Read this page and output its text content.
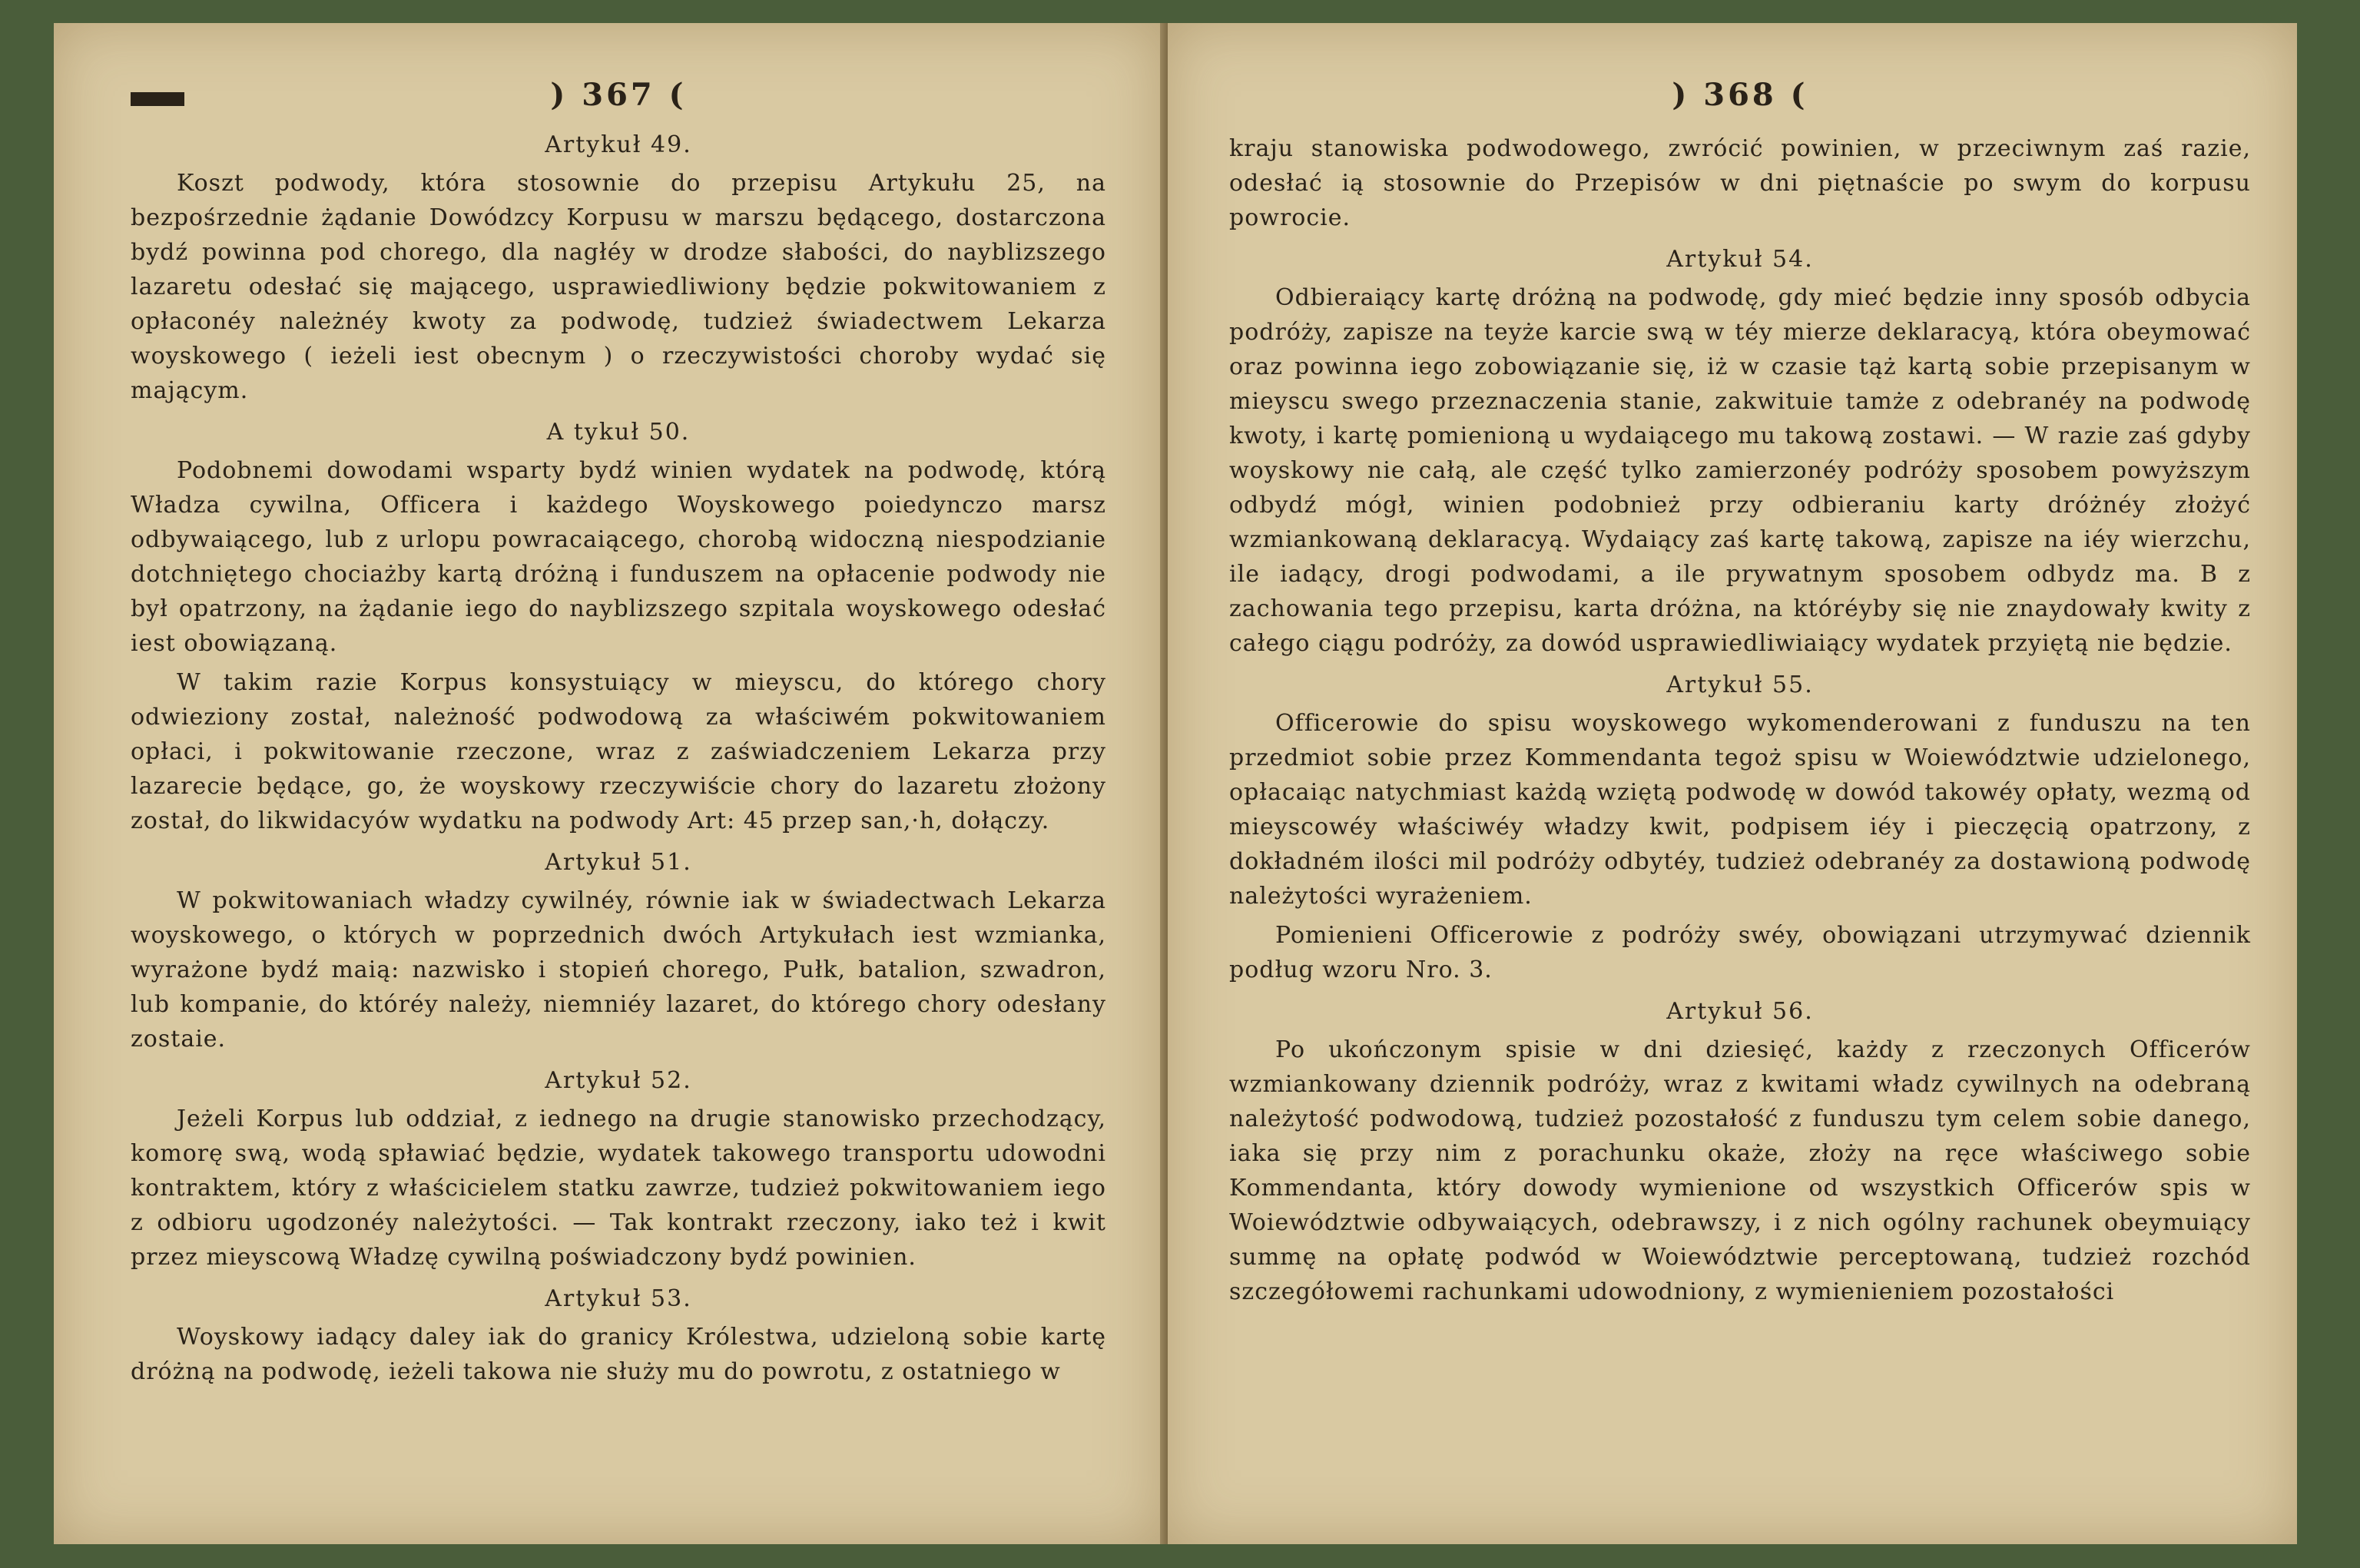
) 367 (
Artykuł 49.
Koszt podwody, która stosownie do przepisu Artykułu 25, na bezpośrzednie żądanie Dowódzcy Korpusu w marszu będącego, dostarczona bydź powinna pod chorego, dla nagłéy w drodze słabości, do nayblizszego lazaretu odesłać się mającego, usprawiedliwiony będzie pokwitowaniem z opłaconéy należnéy kwoty za podwodę, tudzież świadectwem Lekarza woyskowego ( ieżeli iest obecnym ) o rzeczywistości choroby wydać się mającym.
A tykuł 50.
Podobnemi dowodami wsparty bydź winien wydatek na podwodę, którą Władza cywilna, Officera i każdego Woyskowego poiedynczo marsz odbywaiącego, lub z urlopu powracaiącego, chorobą widoczną niespodzianie dotchniętego chociażby kartą dróżną i funduszem na opłacenie podwody nie był opatrzony, na żądanie iego do nayblizszego szpitala woyskowego odesłać iest obowiązaną.
W takim razie Korpus konsystuiący w mieyscu, do którego chory odwieziony został, należność podwodową za właściwém pokwitowaniem opłaci, i pokwitowanie rzeczone, wraz z zaświadczeniem Lekarza przy lazarecie będące, go, że woyskowy rzeczywiście chory do lazaretu złożony został, do likwidacyów wydatku na podwody Art: 45 przep san,·h, dołączy.
Artykuł 51.
W pokwitowaniach władzy cywilnéy, równie iak w świadectwach Lekarza woyskowego, o których w poprzednich dwóch Artykułach iest wzmianka, wyrażone bydź maią: nazwisko i stopień chorego, Pułk, batalion, szwadron, lub kompanie, do któréy należy, niemniéy lazaret, do którego chory odesłany zostaie.
Artykuł 52.
Jeżeli Korpus lub oddział, z iednego na drugie stanowisko przechodzący, komorę swą, wodą spławiać będzie, wydatek takowego transportu udowodni kontraktem, który z właścicielem statku zawrze, tudzież pokwitowaniem iego z odbioru ugodzonéy należytości. — Tak kontrakt rzeczony, iako też i kwit przez mieyscową Władzę cywilną poświadczony bydź powinien.
Artykuł 53.
Woyskowy iadący daley iak do granicy Królestwa, udzieloną sobie kartę dróżną na podwodę, ieżeli takowa nie służy mu do powrotu, z ostatniego w
) 368 (
kraju stanowiska podwodowego, zwrócić powinien, w przeciwnym zaś razie, odesłać ią stosownie do Przepisów w dni piętnaście po swym do korpusu powrocie.
Artykuł 54.
Odbieraiący kartę dróżną na podwodę, gdy mieć będzie inny sposób odbycia podróży, zapisze na teyże karcie swą w téy mierze deklaracyą, która obeymować oraz powinna iego zobowiązanie się, iż w czasie tąż kartą sobie przepisanym w mieyscu swego przeznaczenia stanie, zakwituie tamże z odebranéy na podwodę kwoty, i kartę pomienioną u wydaiącego mu takową zostawi. — W razie zaś gdyby woyskowy nie całą, ale część tylko zamierzonéy podróży sposobem powyższym odbydź mógł, winien podobnież przy odbieraniu karty dróżnéy złożyć wzmiankowaną deklaracyą. Wydaiący zaś kartę takową, zapisze na iéy wierzchu, ile iadący, drogi podwodami, a ile prywatnym sposobem odbydz ma. B z zachowania tego przepisu, karta dróżna, na któréyby się nie znaydowały kwity z całego ciągu podróży, za dowód usprawiedliwiaiący wydatek przyiętą nie będzie.
Artykuł 55.
Officerowie do spisu woyskowego wykomenderowani z funduszu na ten przedmiot sobie przez Kommendanta tegoż spisu w Woiewództwie udzielonego, opłacaiąc natychmiast każdą wziętą podwodę w dowód takowéy opłaty, wezmą od mieyscowéy właściwéy władzy kwit, podpisem iéy i pieczęcią opatrzony, z dokładném ilości mil podróży odbytéy, tudzież odebranéy za dostawioną podwodę należytości wyrażeniem.
Pomienieni Officerowie z podróży swéy, obowiązani utrzymywać dziennik podług wzoru Nro. 3.
Artykuł 56.
Po ukończonym spisie w dni dziesięć, każdy z rzeczonych Officerów wzmiankowany dziennik podróży, wraz z kwitami władz cywilnych na odebraną należytość podwodową, tudzież pozostałość z funduszu tym celem sobie danego, iaka się przy nim z porachunku okaże, złoży na ręce właściwego sobie Kommendanta, który dowody wymienione od wszystkich Officerów spis w Woiewództwie odbywaiących, odebrawszy, i z nich ogólny rachunek obeymuiący summę na opłatę podwód w Woiewództwie perceptowaną, tudzież rozchód szczegółowemi rachunkami udowodniony, z wymienieniem pozostałości
